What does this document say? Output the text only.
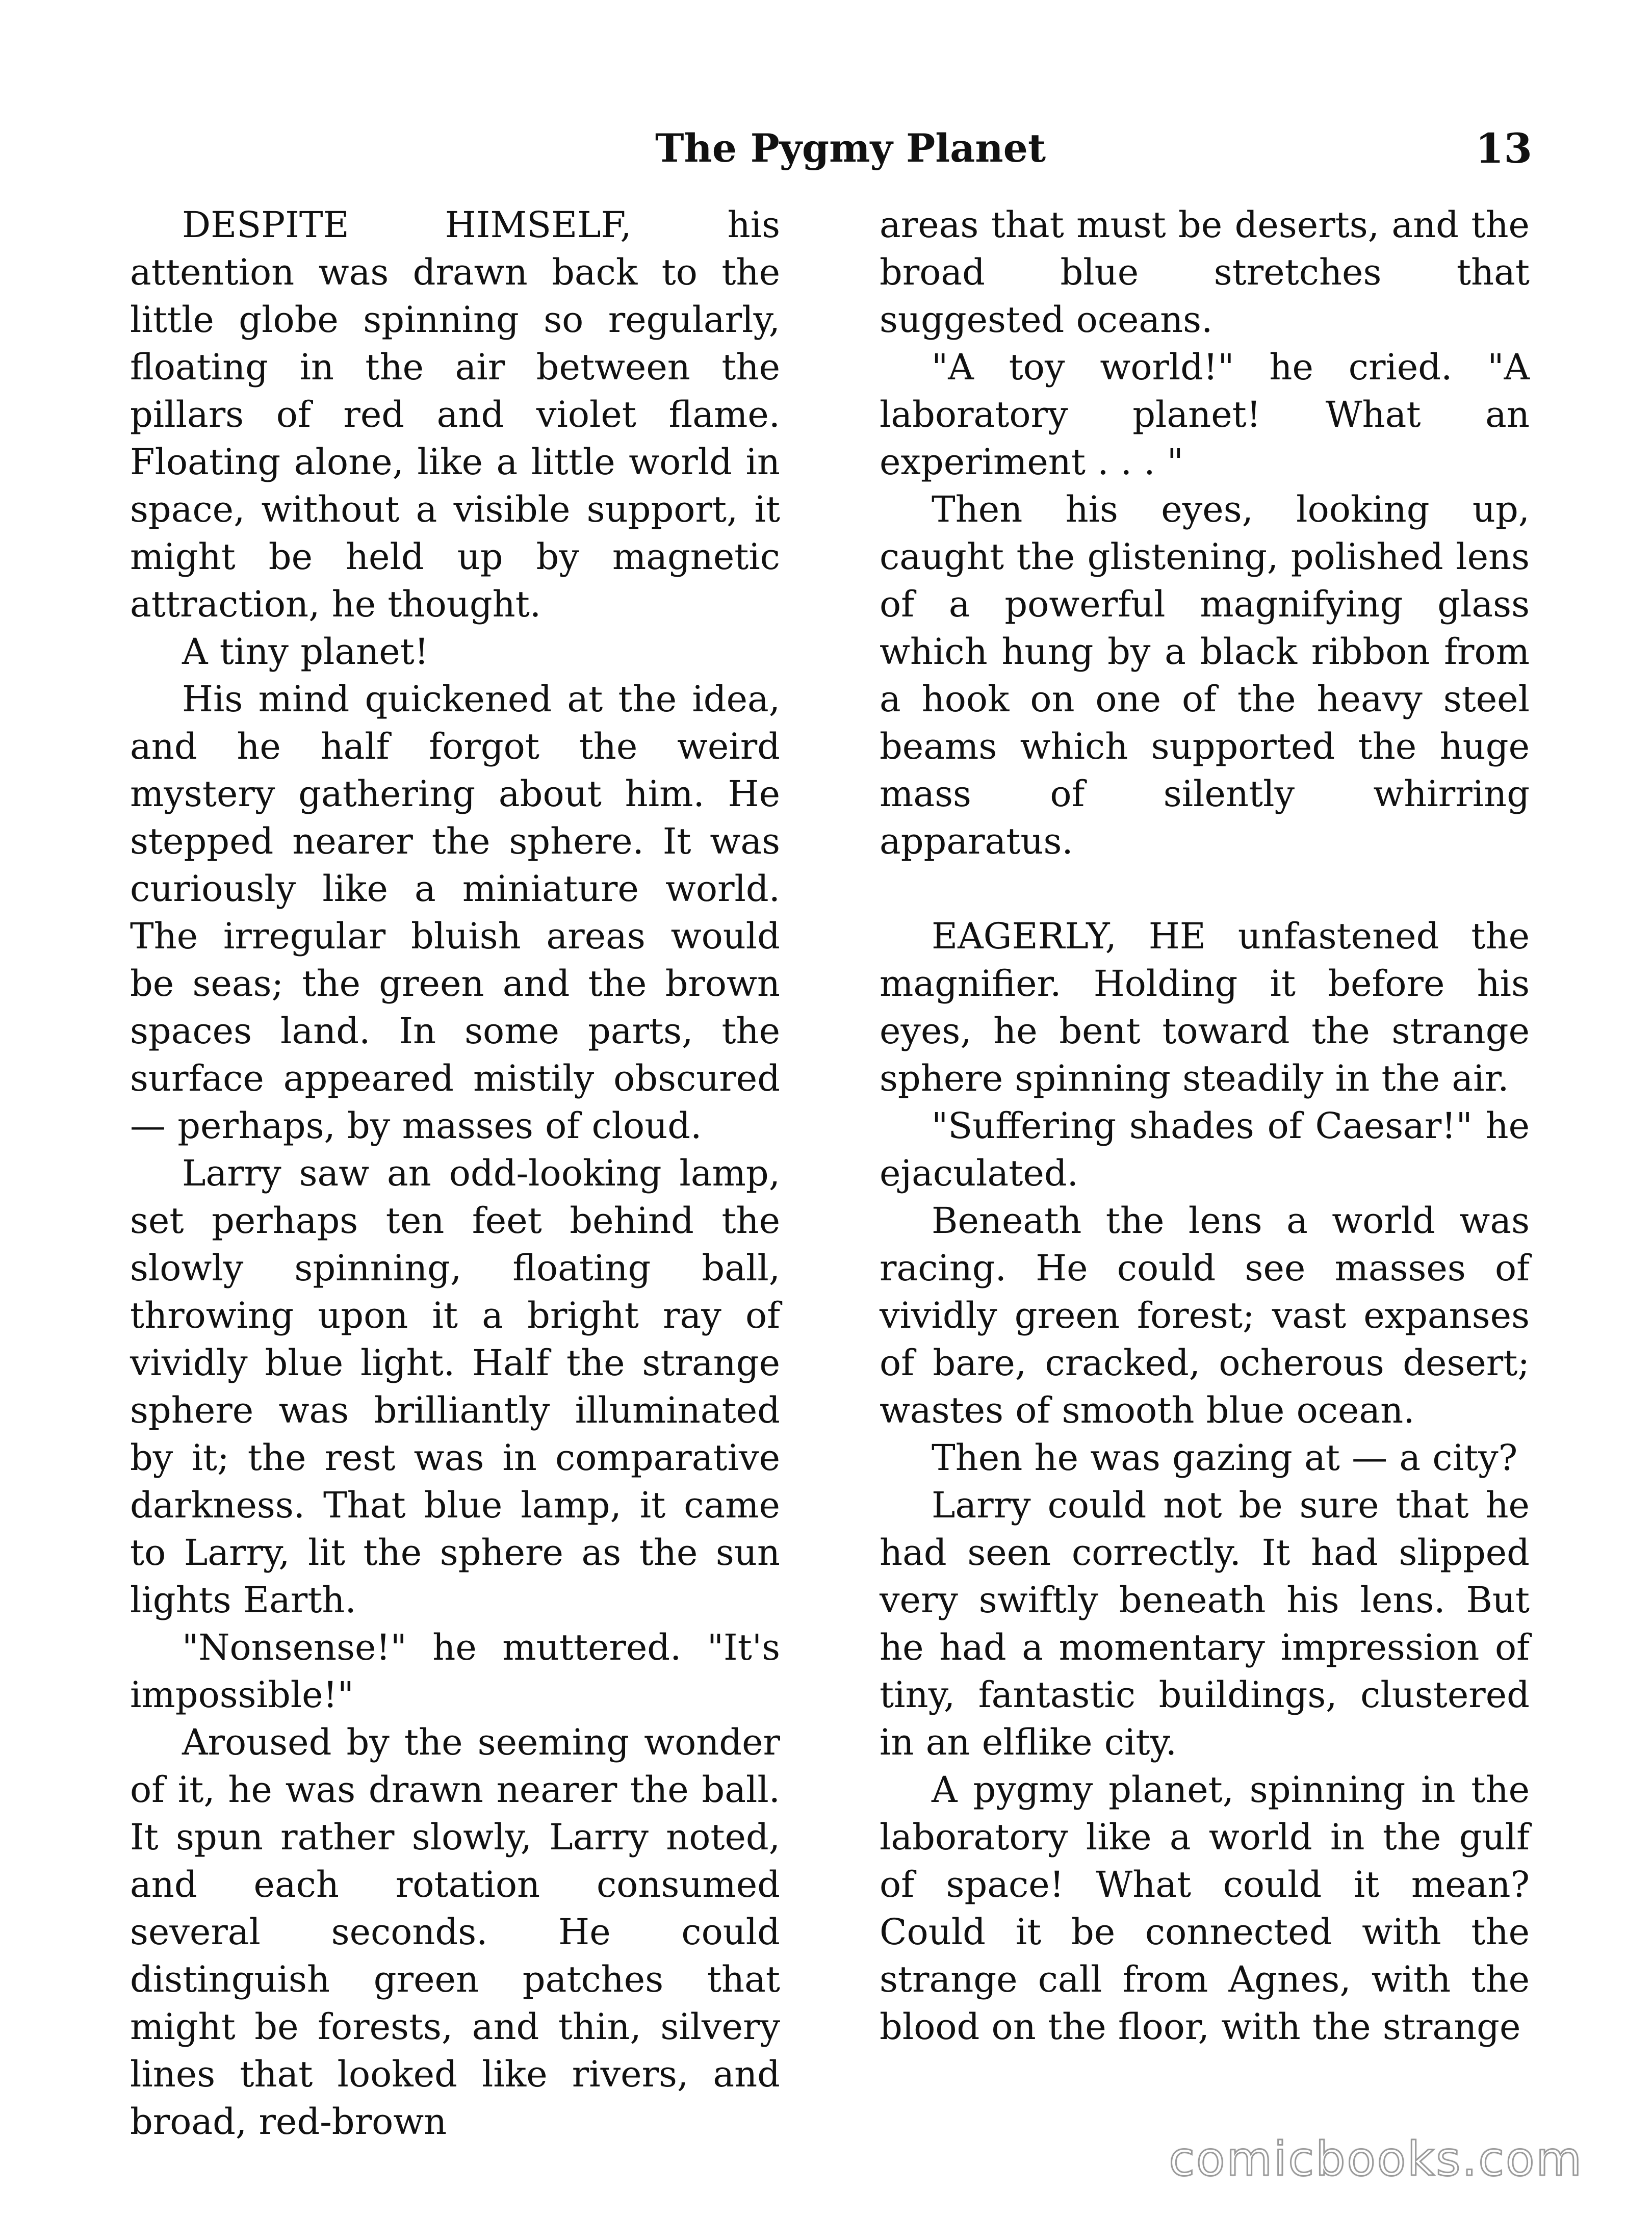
The Pygmy Planet	13

DESPITE HIMSELF, his attention was drawn back to the little globe spinning so regularly, floating in the air between the pillars of red and violet flame. Floating alone, like a little world in space, without a visible support, it might be held up by magnetic attraction, he thought.

A tiny planet!

His mind quickened at the idea, and he half forgot the weird mystery gathering about him. He stepped nearer the sphere. It was curiously like a miniature world. The irregular bluish areas would be seas; the green and the brown spaces land. In some parts, the surface appeared mistily obscured — perhaps, by masses of cloud.

Larry saw an odd-looking lamp, set perhaps ten feet behind the slowly spinning, floating ball, throwing upon it a bright ray of vividly blue light. Half the strange sphere was brilliantly illuminated by it; the rest was in comparative darkness. That blue lamp, it came to Larry, lit the sphere as the sun lights Earth.

"Nonsense!" he muttered. "It's impossible!"

Aroused by the seeming wonder of it, he was drawn nearer the ball. It spun rather slowly, Larry noted, and each rotation consumed several seconds. He could distinguish green patches that might be forests, and thin, silvery lines that looked like rivers, and broad, red-brown

areas that must be deserts, and the broad blue stretches that suggested oceans.

"A toy world!" he cried. "A laboratory planet! What an experiment . . . "

Then his eyes, looking up, caught the glistening, polished lens of a powerful magnifying glass which hung by a black ribbon from a hook on one of the heavy steel beams which supported the huge mass of silently whirring apparatus.

EAGERLY, HE unfastened the magnifier. Holding it before his eyes, he bent toward the strange sphere spinning steadily in the air.

"Suffering shades of Caesar!" he ejaculated.

Beneath the lens a world was racing. He could see masses of vividly green forest; vast expanses of bare, cracked, ocherous desert; wastes of smooth blue ocean.

Then he was gazing at — a city?

Larry could not be sure that he had seen correctly. It had slipped very swiftly beneath his lens. But he had a momentary impression of tiny, fantastic buildings, clustered in an elflike city.

A pygmy planet, spinning in the laboratory like a world in the gulf of space! What could it mean? Could it be connected with the strange call from Agnes, with the blood on the floor, with the strange

comicbooks.com
